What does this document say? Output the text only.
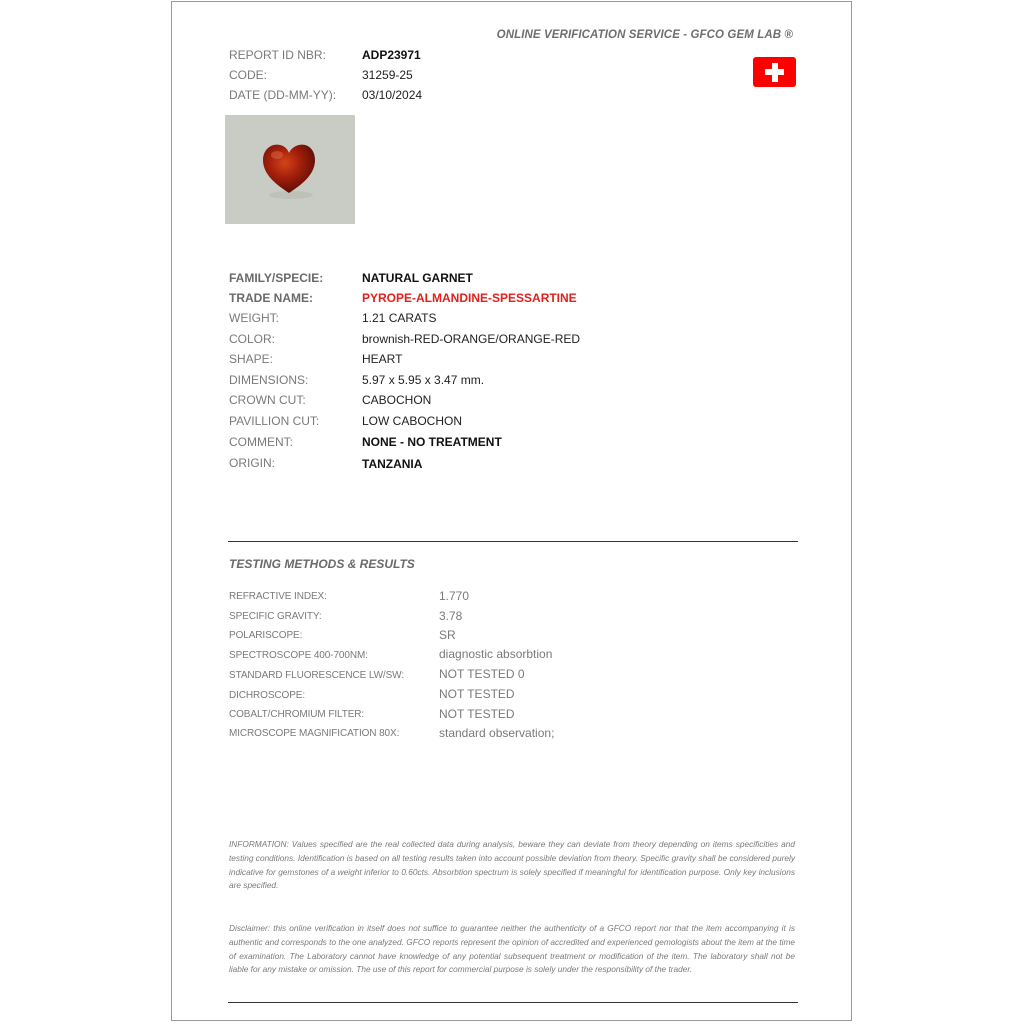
ONLINE VERIFICATION SERVICE - GFCO GEM LAB ®
REPORT ID NBR:	ADP23971
CODE:	31259-25
DATE (DD-MM-YY): 03/10/2024
FAMILY/SPECIE:	NATURAL GARNET
TRADE NAME:	PYROPE-ALMANDINE-SPESSARTINE
WEIGHT:	1.21 CARATS
COLOR:	brownish-RED-ORANGE/ORANGE-RED
SHAPE:	HEART
DIMENSIONS:	5.97 x 5.95 x 3.47 mm.
CROWN CUT:	CABOCHON
PAVILLION CUT:	LOW CABOCHON
COMMENT:	NONE - NO TREATMENT
ORIGIN:	TANZANIA
TESTING METHODS & RESULTS
REFRACTIVE INDEX:	1.770
SPECIFIC GRAVITY:	3.78
POLARISCOPE:	SR
SPECTROSCOPE 400-700NM:	diagnostic absorbtion
STANDARD FLUORESCENCE LW/SW:	NOT TESTED 0
DICHROSCOPE:	NOT TESTED
COBALT/CHROMIUM FILTER:	NOT TESTED
MICROSCOPE MAGNIFICATION 80X:	standard observation;
INFORMATION: Values specified are the real collected data during analysis, beware they can deviate from theory depending on items specificities and testing conditions. Identification is based on all testing results taken into account possible deviation from theory. Specific gravity shall be considered purely indicative for gemstones of a weight inferior to 0.60cts. Absorbtion spectrum is solely specified if meaningful for identification purpose. Only key inclusions are specified.
Disclaimer: this online verification in itself does not suffice to guarantee neither the authenticity of a GFCO report nor that the item accompanying it is authentic and corresponds to the one analyzed. GFCO reports represent the opinion of accredited and experienced gemologists about the item at the time of examination. The Laboratory cannot have knowledge of any potential subsequent treatment or modification of the item. The laboratory shall not be liable for any mistake or omission. The use of this report for commercial purpose is solely under the responsibility of the trader.
